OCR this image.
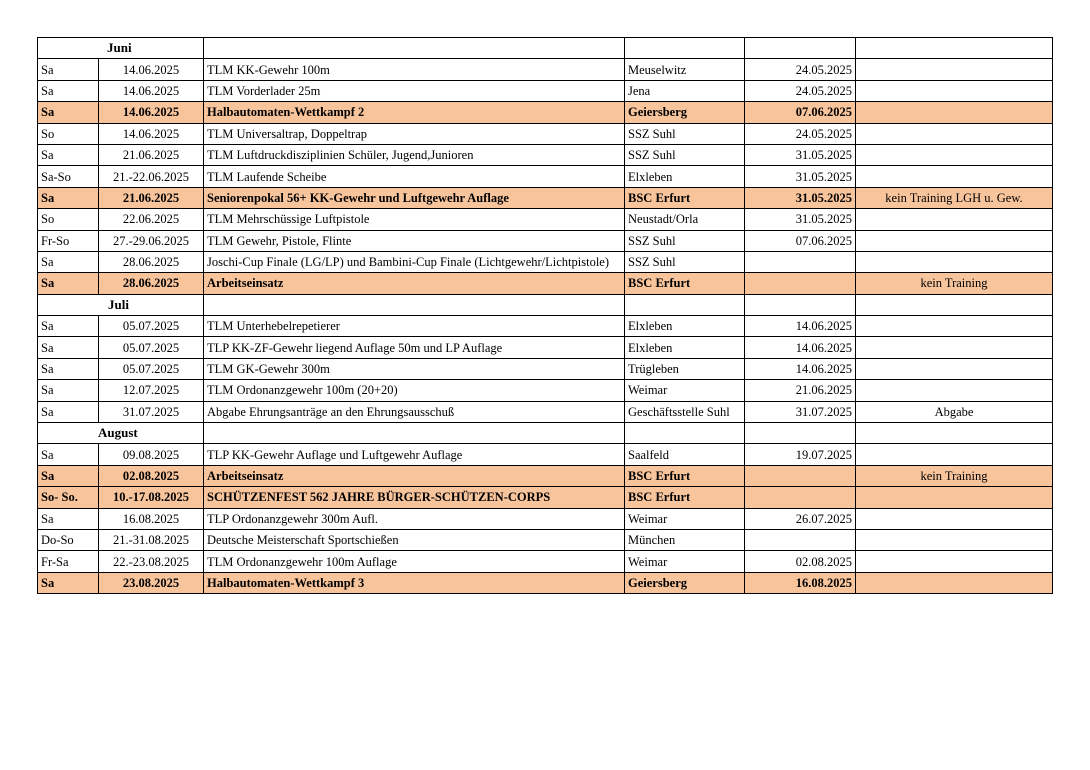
Juni					
Sa	14.06.2025	TLM KK-Gewehr 100m	Meuselwitz	24.05.2025	
Sa	14.06.2025	TLM Vorderlader 25m	Jena	24.05.2025	
Sa	14.06.2025	Halbautomaten-Wettkampf 2	Geiersberg	07.06.2025	
So	14.06.2025	TLM Universaltrap, Doppeltrap	SSZ Suhl	24.05.2025	
Sa	21.06.2025	TLM Luftdruckdisziplinien Schüler, Jugend,Junioren	SSZ Suhl	31.05.2025	
Sa-So	21.-22.06.2025	TLM Laufende Scheibe	Elxleben	31.05.2025	
Sa	21.06.2025	Seniorenpokal 56+ KK-Gewehr und Luftgewehr Auflage	BSC Erfurt	31.05.2025	kein Training LGH u. Gew.
So	22.06.2025	TLM Mehrschüssige Luftpistole	Neustadt/Orla	31.05.2025	
Fr-So	27.-29.06.2025	TLM Gewehr, Pistole, Flinte	SSZ Suhl	07.06.2025	
Sa	28.06.2025	Joschi-Cup Finale (LG/LP) und Bambini-Cup Finale (Lichtgewehr/Lichtpistole)	SSZ Suhl		
Sa	28.06.2025	Arbeitseinsatz	BSC Erfurt		kein Training
Juli					
Sa	05.07.2025	TLM Unterhebelrepetierer	Elxleben	14.06.2025	
Sa	05.07.2025	TLP KK-ZF-Gewehr liegend Auflage 50m und LP Auflage	Elxleben	14.06.2025	
Sa	05.07.2025	TLM GK-Gewehr 300m	Trügleben	14.06.2025	
Sa	12.07.2025	TLM Ordonanzgewehr 100m (20+20)	Weimar	21.06.2025	
Sa	31.07.2025	Abgabe Ehrungsanträge an den Ehrungsausschuß	Geschäftsstelle Suhl	31.07.2025	Abgabe
August					
Sa	09.08.2025	TLP KK-Gewehr Auflage und Luftgewehr Auflage	Saalfeld	19.07.2025	
Sa	02.08.2025	Arbeitseinsatz	BSC Erfurt		kein Training
So- So.	10.-17.08.2025	SCHÜTZENFEST 562 JAHRE BÜRGER-SCHÜTZEN-CORPS	BSC Erfurt		
Sa	16.08.2025	TLP Ordonanzgewehr 300m Aufl.	Weimar	26.07.2025	
Do-So	21.-31.08.2025	Deutsche Meisterschaft Sportschießen	München		
Fr-Sa	22.-23.08.2025	TLM Ordonanzgewehr 100m Auflage	Weimar	02.08.2025	
Sa	23.08.2025	Halbautomaten-Wettkampf 3	Geiersberg	16.08.2025	
